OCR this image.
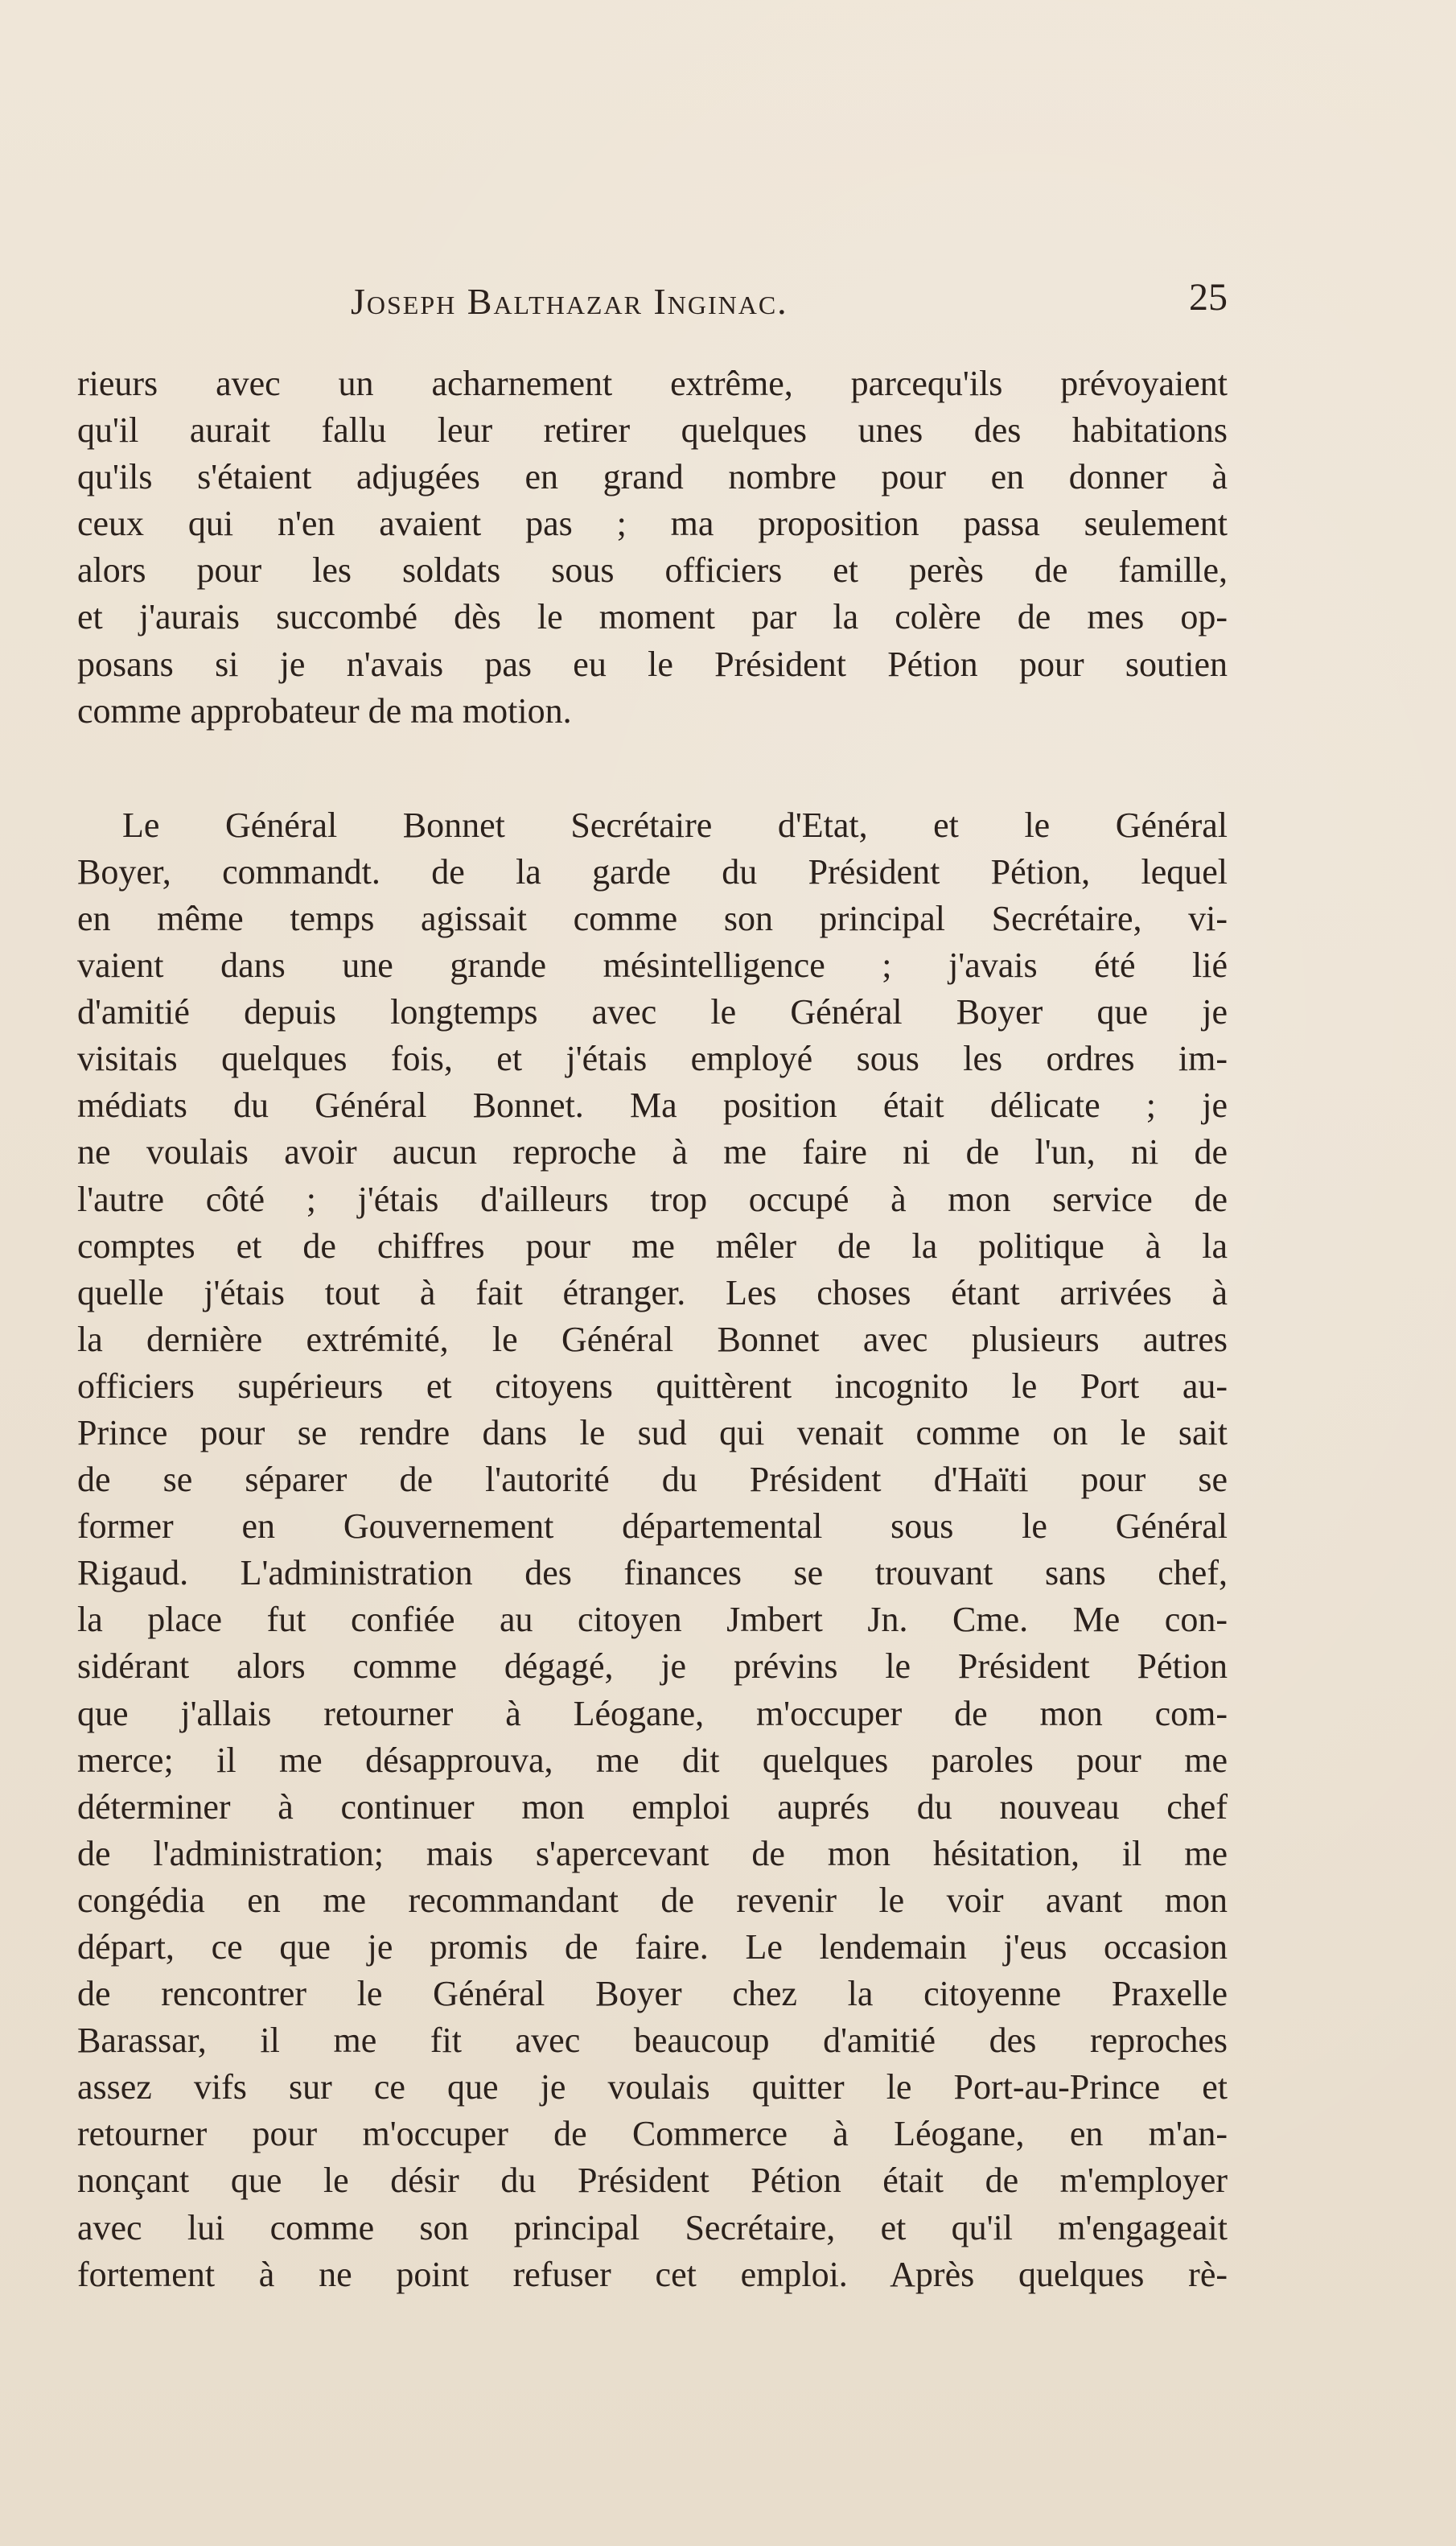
Joseph Balthazar Inginac.	25
rieurs avec un acharnement extrême, parcequ'ils prévoyaient
qu'il aurait fallu leur retirer quelques unes des habitations
qu'ils s'étaient adjugées en grand nombre pour en donner à
ceux qui n'en avaient pas ; ma proposition passa seulement
alors pour les soldats sous officiers et perès de famille,
et j'aurais succombé dès le moment par la colère de mes op-
posans si je n'avais pas eu le Président Pétion pour soutien
comme approbateur de ma motion.
Le Général Bonnet Secrétaire d'Etat, et le Général
Boyer, commandt. de la garde du Président Pétion, lequel
en même temps agissait comme son principal Secrétaire, vi-
vaient dans une grande mésintelligence ; j'avais été lié
d'amitié depuis longtemps avec le Général Boyer que je
visitais quelques fois, et j'étais employé sous les ordres im-
médiats du Général Bonnet. Ma position était délicate ; je
ne voulais avoir aucun reproche à me faire ni de l'un, ni de
l'autre côté ; j'étais d'ailleurs trop occupé à mon service de
comptes et de chiffres pour me mêler de la politique à la
quelle j'étais tout à fait étranger. Les choses étant arrivées à
la dernière extrémité, le Général Bonnet avec plusieurs autres
officiers supérieurs et citoyens quittèrent incognito le Port au-
Prince pour se rendre dans le sud qui venait comme on le sait
de se séparer de l'autorité du Président d'Haïti pour se
former en Gouvernement départemental sous le Général
Rigaud. L'administration des finances se trouvant sans chef,
la place fut confiée au citoyen Jmbert Jn. Cme. Me con-
sidérant alors comme dégagé, je prévins le Président Pétion
que j'allais retourner à Léogane, m'occuper de mon com-
merce; il me désapprouva, me dit quelques paroles pour me
déterminer à continuer mon emploi auprés du nouveau chef
de l'administration; mais s'apercevant de mon hésitation, il me
congédia en me recommandant de revenir le voir avant mon
départ, ce que je promis de faire. Le lendemain j'eus occasion
de rencontrer le Général Boyer chez la citoyenne Praxelle
Barassar, il me fit avec beaucoup d'amitié des reproches
assez vifs sur ce que je voulais quitter le Port-au-Prince et
retourner pour m'occuper de Commerce à Léogane, en m'an-
nonçant que le désir du Président Pétion était de m'employer
avec lui comme son principal Secrétaire, et qu'il m'engageait
fortement à ne point refuser cet emploi. Après quelques rè-
